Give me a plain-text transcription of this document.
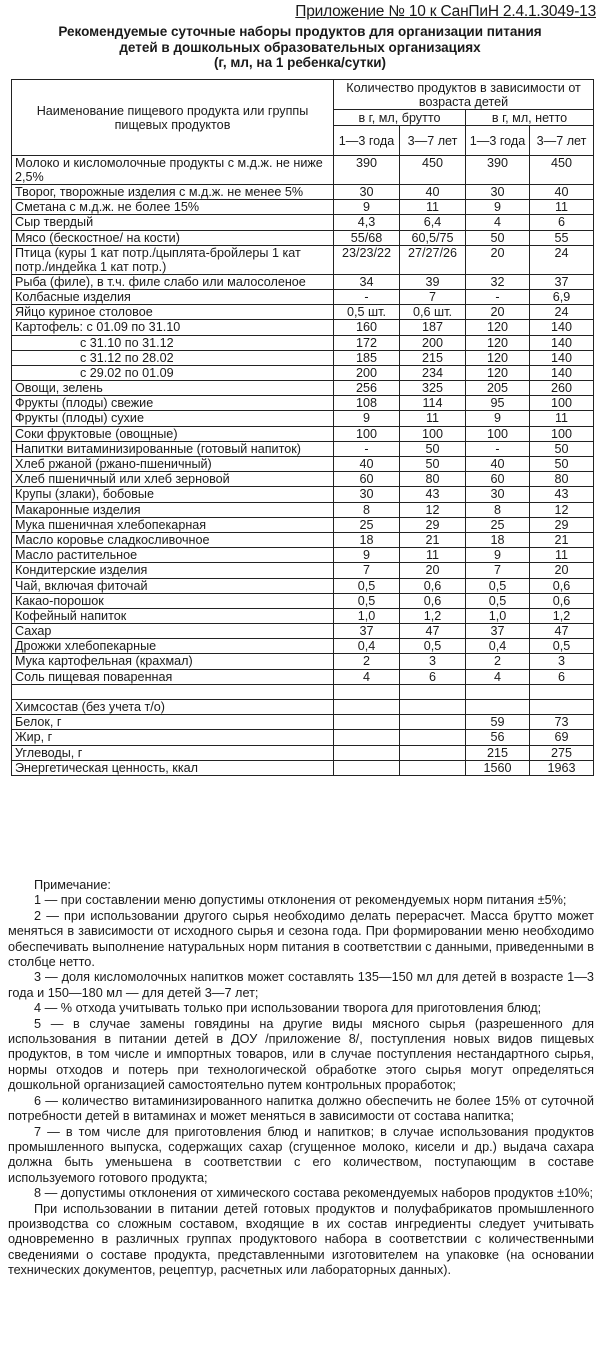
Приложение № 10 к СанПиН 2.4.1.3049-13
Рекомендуемые суточные наборы продуктов для организации питания
детей в дошкольных образовательных организациях
(г, мл, на 1 ребенка/сутки)
Наименование пищевого продукта или группы пищевых продуктов	Количество продуктов в зависимости от возраста детей			
	в г, мл, брутто		в г, мл, нетто	
	1—3 года	3—7 лет	1—3 года	3—7 лет
Молоко и кисломолочные продукты с м.д.ж. не ниже 2,5%	390	450	390	450
Творог, творожные изделия с м.д.ж. не менее 5%	30	40	30	40
Сметана с м.д.ж. не более 15%	9	11	9	11
Сыр твердый	4,3	6,4	4	6
Мясо (бескостное/ на кости)	55/68	60,5/75	50	55
Птица (куры 1 кат потр./цыплята-бройлеры 1 кат потр./индейка 1 кат потр.)	23/23/22	27/27/26	20	24
Рыба (филе), в т.ч. филе слабо или малосоленое	34	39	32	37
Колбасные изделия	-	7	-	6,9
Яйцо куриное столовое	0,5 шт.	0,6 шт.	20	24
Картофель: с 01.09 по 31.10	160	187	120	140
с 31.10 по 31.12	172	200	120	140
с 31.12 по 28.02	185	215	120	140
с 29.02 по 01.09	200	234	120	140
Овощи, зелень	256	325	205	260
Фрукты (плоды) свежие	108	114	95	100
Фрукты (плоды) сухие	9	11	9	11
Соки фруктовые (овощные)	100	100	100	100
Напитки витаминизированные (готовый напиток)	-	50	-	50
Хлеб ржаной (ржано-пшеничный)	40	50	40	50
Хлеб пшеничный или хлеб зерновой	60	80	60	80
Крупы (злаки), бобовые	30	43	30	43
Макаронные изделия	8	12	8	12
Мука пшеничная хлебопекарная	25	29	25	29
Масло коровье сладкосливочное	18	21	18	21
Масло растительное	9	11	9	11
Кондитерские изделия	7	20	7	20
Чай, включая фиточай	0,5	0,6	0,5	0,6
Какао-порошок	0,5	0,6	0,5	0,6
Кофейный напиток	1,0	1,2	1,0	1,2
Сахар	37	47	37	47
Дрожжи хлебопекарные	0,4	0,5	0,4	0,5
Мука картофельная (крахмал)	2	3	2	3
Соль пищевая поваренная	4	6	4	6

Химсостав (без учета т/о)				
Белок, г			59	73
Жир, г			56	69
Углеводы, г			215	275
Энергетическая ценность, ккал			1560	1963

Примечание:

1 — при составлении меню допустимы отклонения от рекомендуемых норм питания ±5%;

2 — при использовании другого сырья необходимо делать перерасчет. Масса брутто может меняться в зависимости от исходного сырья и сезона года. При формировании меню необходимо обеспечивать выполнение натуральных норм питания в соответствии с данными, приведенными в столбце нетто.

3 — доля кисломолочных напитков может составлять 135—150 мл для детей в возрасте 1—3 года и 150—180 мл — для детей 3—7 лет;

4 — % отхода учитывать только при использовании творога для приготовления блюд;

5 — в случае замены говядины на другие виды мясного сырья (разрешенного для использования в питании детей в ДОУ /приложение 8/, поступления новых видов пищевых продуктов, в том числе и импортных товаров, или в случае поступления нестандартного сырья, нормы отходов и потерь при технологической обработке этого сырья могут определяться дошкольной организацией самостоятельно путем контрольных проработок;

6 — количество витаминизированного напитка должно обеспечить не более 15% от суточной потребности детей в витаминах и может меняться в зависимости от состава напитка;

7 — в том числе для приготовления блюд и напитков; в случае использования продуктов промышленного выпуска, содержащих сахар (сгущенное молоко, кисели и др.) выдача сахара должна быть уменьшена в соответствии с его количеством, поступающим в составе используемого готового продукта;

8 — допустимы отклонения от химического состава рекомендуемых наборов продуктов ±10%;

При использовании в питании детей готовых продуктов и полуфабрикатов промышленного производства со сложным составом, входящие в их состав ингредиенты следует учитывать одновременно в различных группах продуктового набора в соответствии с количественными сведениями о составе продукта, представленными изготовителем на упаковке (на основании технических документов, рецептур, расчетных или лабораторных данных).
